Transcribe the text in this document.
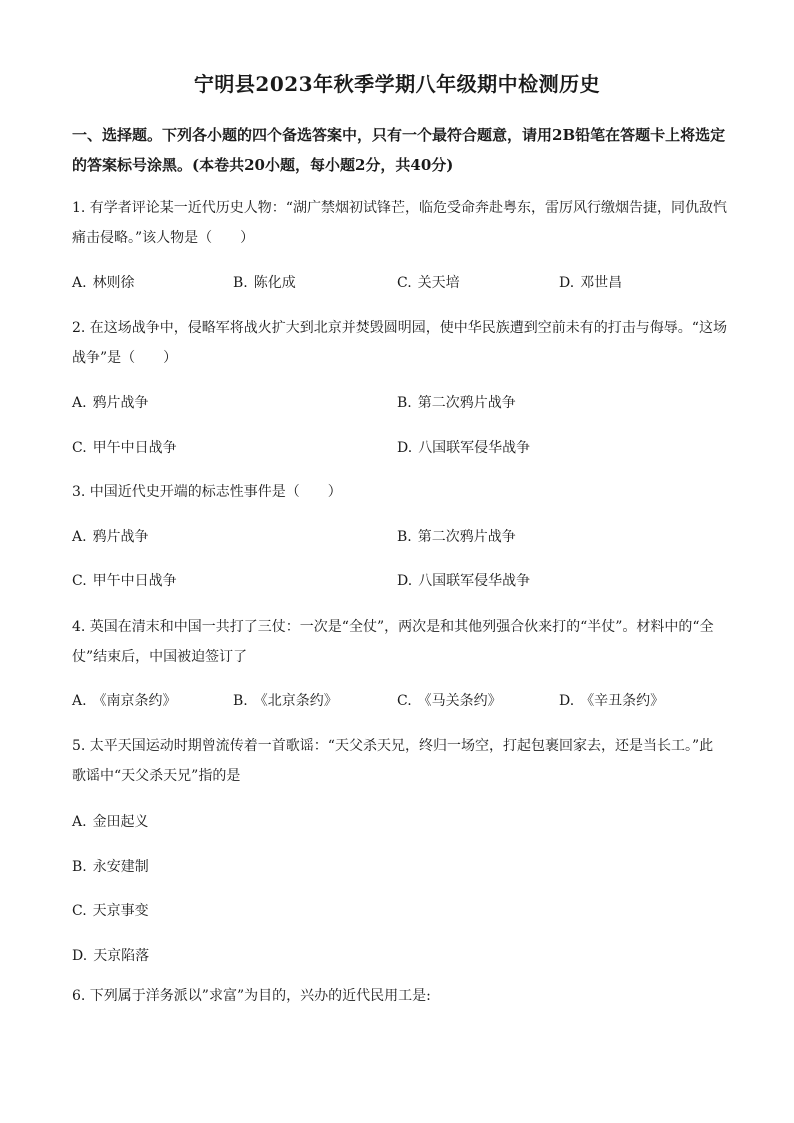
宁明县2023年秋季学期八年级期中检测历史
一、选择题。下列各小题的四个备选答案中，只有一个最符合题意，请用2B铅笔在答题卡上将选定的答案标号涂黑。(本卷共20小题，每小题2分，共40分)
1. 有学者评论某一近代历史人物：“湖广禁烟初试锋芒，临危受命奔赴粤东，雷厉风行缴烟告捷，同仇敌忾痛击侵略。”该人物是（　　）
A. 林则徐	B. 陈化成	C. 关天培	D. 邓世昌
2. 在这场战争中，侵略军将战火扩大到北京并焚毁圆明园，使中华民族遭到空前未有的打击与侮辱。“这场战争”是（　　）
A. 鸦片战争	B. 第二次鸦片战争
C. 甲午中日战争	D. 八国联军侵华战争
3. 中国近代史开端的标志性事件是（　　）
A. 鸦片战争	B. 第二次鸦片战争
C. 甲午中日战争	D. 八国联军侵华战争
4. 英国在清末和中国一共打了三仗：一次是“全仗”，两次是和其他列强合伙来打的“半仗”。材料中的“全仗”结束后，中国被迫签订了
A. 《南京条约》	B. 《北京条约》	C. 《马关条约》	D. 《辛丑条约》
5. 太平天国运动时期曾流传着一首歌谣：“天父杀天兄，终归一场空，打起包裹回家去，还是当长工。”此歌谣中“天父杀天兄”指的是
A. 金田起义
B. 永安建制
C. 天京事变
D. 天京陷落
6. 下列属于洋务派以”求富”为目的，兴办的近代民用工是:
